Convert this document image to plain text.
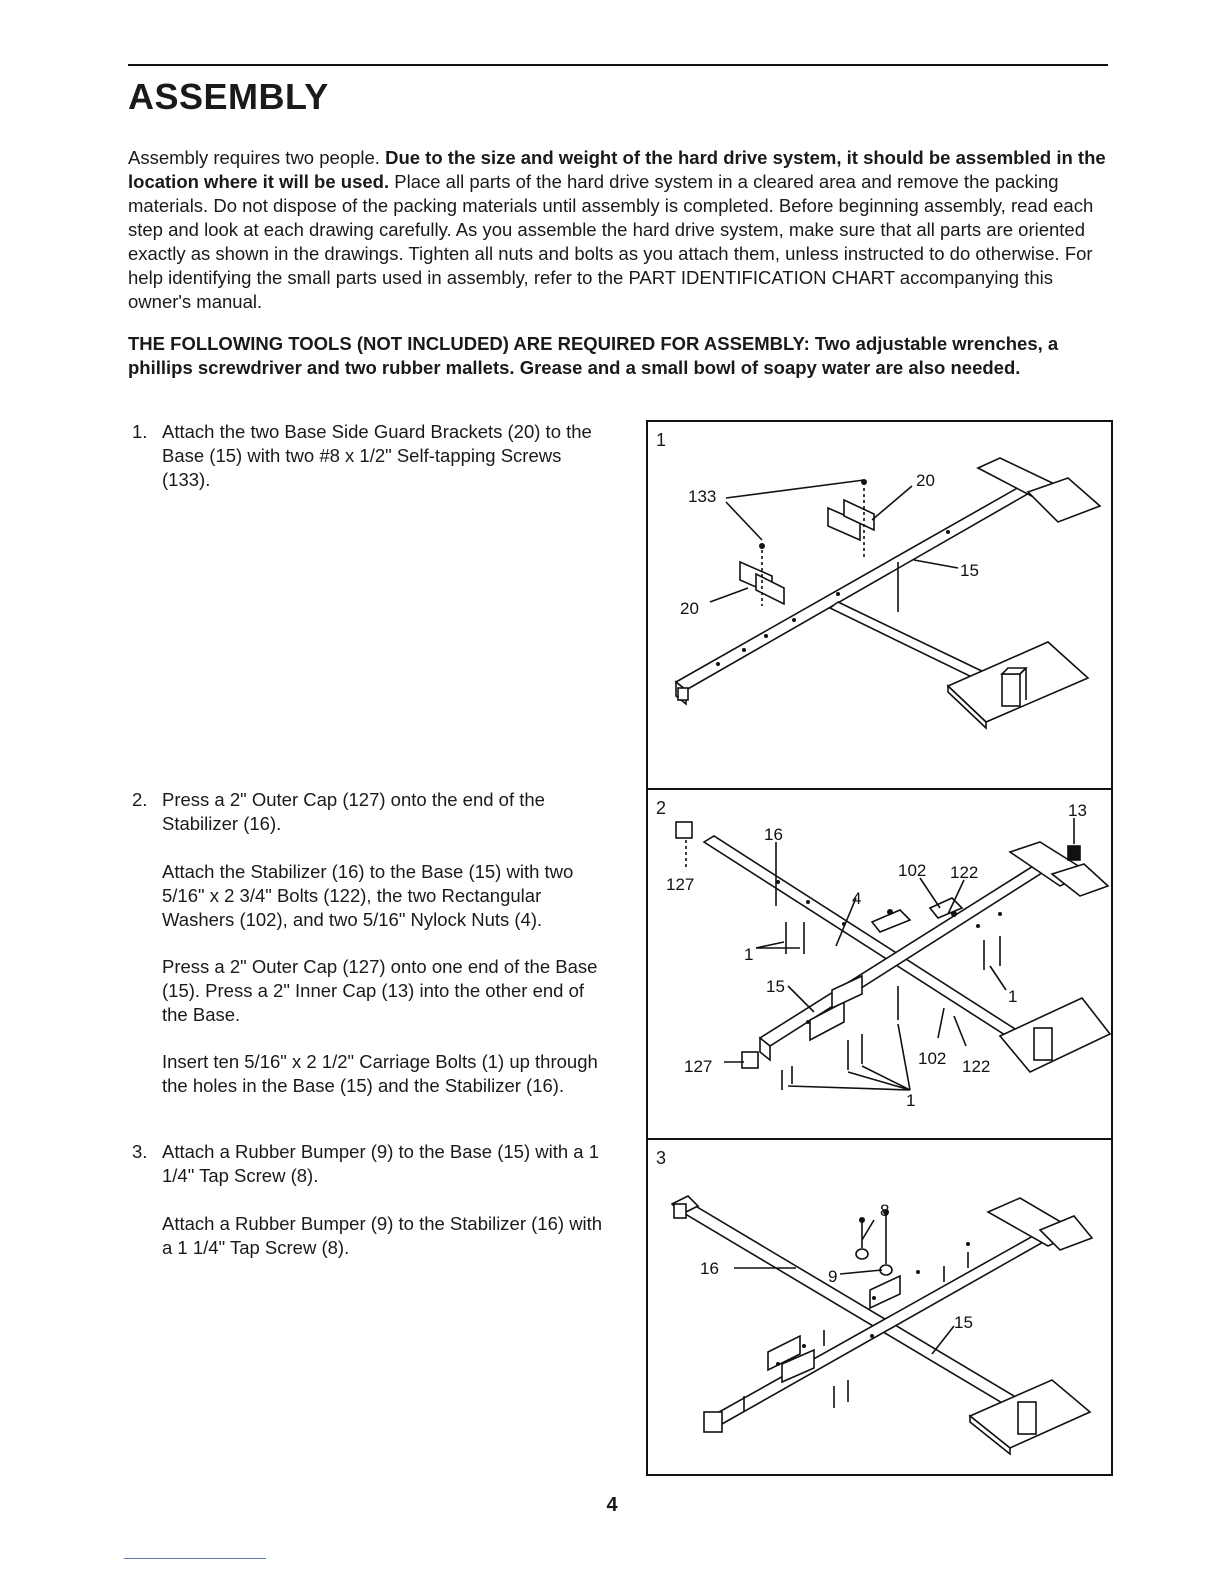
ASSEMBLY

Assembly requires two people. Due to the size and weight of the hard drive system, it should be assembled in the location where it will be used. Place all parts of the hard drive system in a cleared area and remove the packing materials. Do not dispose of the packing materials until assembly is completed. Before beginning assembly, read each step and look at each drawing carefully. As you assemble the hard drive system, make sure that all parts are oriented exactly as shown in the drawings. Tighten all nuts and bolts as you attach them, unless instructed to do otherwise. For help identifying the small parts used in assembly, refer to the PART IDENTIFICATION CHART accompanying this owner's manual.

THE FOLLOWING TOOLS (NOT INCLUDED) ARE REQUIRED FOR ASSEMBLY: Two adjustable wrenches, a phillips screwdriver and two rubber mallets. Grease and a small bowl of soapy water are also needed.

1. Attach the two Base Side Guard Brackets (20) to the Base (15) with two #8 x 1/2" Self-tapping Screws (133).
2. Press a 2" Outer Cap (127) onto the end of the Stabilizer (16).

Attach the Stabilizer (16) to the Base (15) with two 5/16" x 2 3/4" Bolts (122), the two Rectangular Washers (102), and two 5/16" Nylock Nuts (4).

Press a 2" Outer Cap (127) onto one end of the Base (15). Press a 2" Inner Cap (13) into the other end of the Base.

Insert ten 5/16" x 2 1/2" Carriage Bolts (1) up through the holes in the Base (15) and the Stabilizer (16).

3. Attach a Rubber Bumper (9) to the Base (15) with a 1 1/4" Tap Screw (8).

Attach a Rubber Bumper (9) to the Stabilizer (16) with a 1 1/4" Tap Screw (8).

1
133
20
15
20
2
16
13
127
102 122
4
1
15
1
127	102 122
1
3
8
16	9
15
4
